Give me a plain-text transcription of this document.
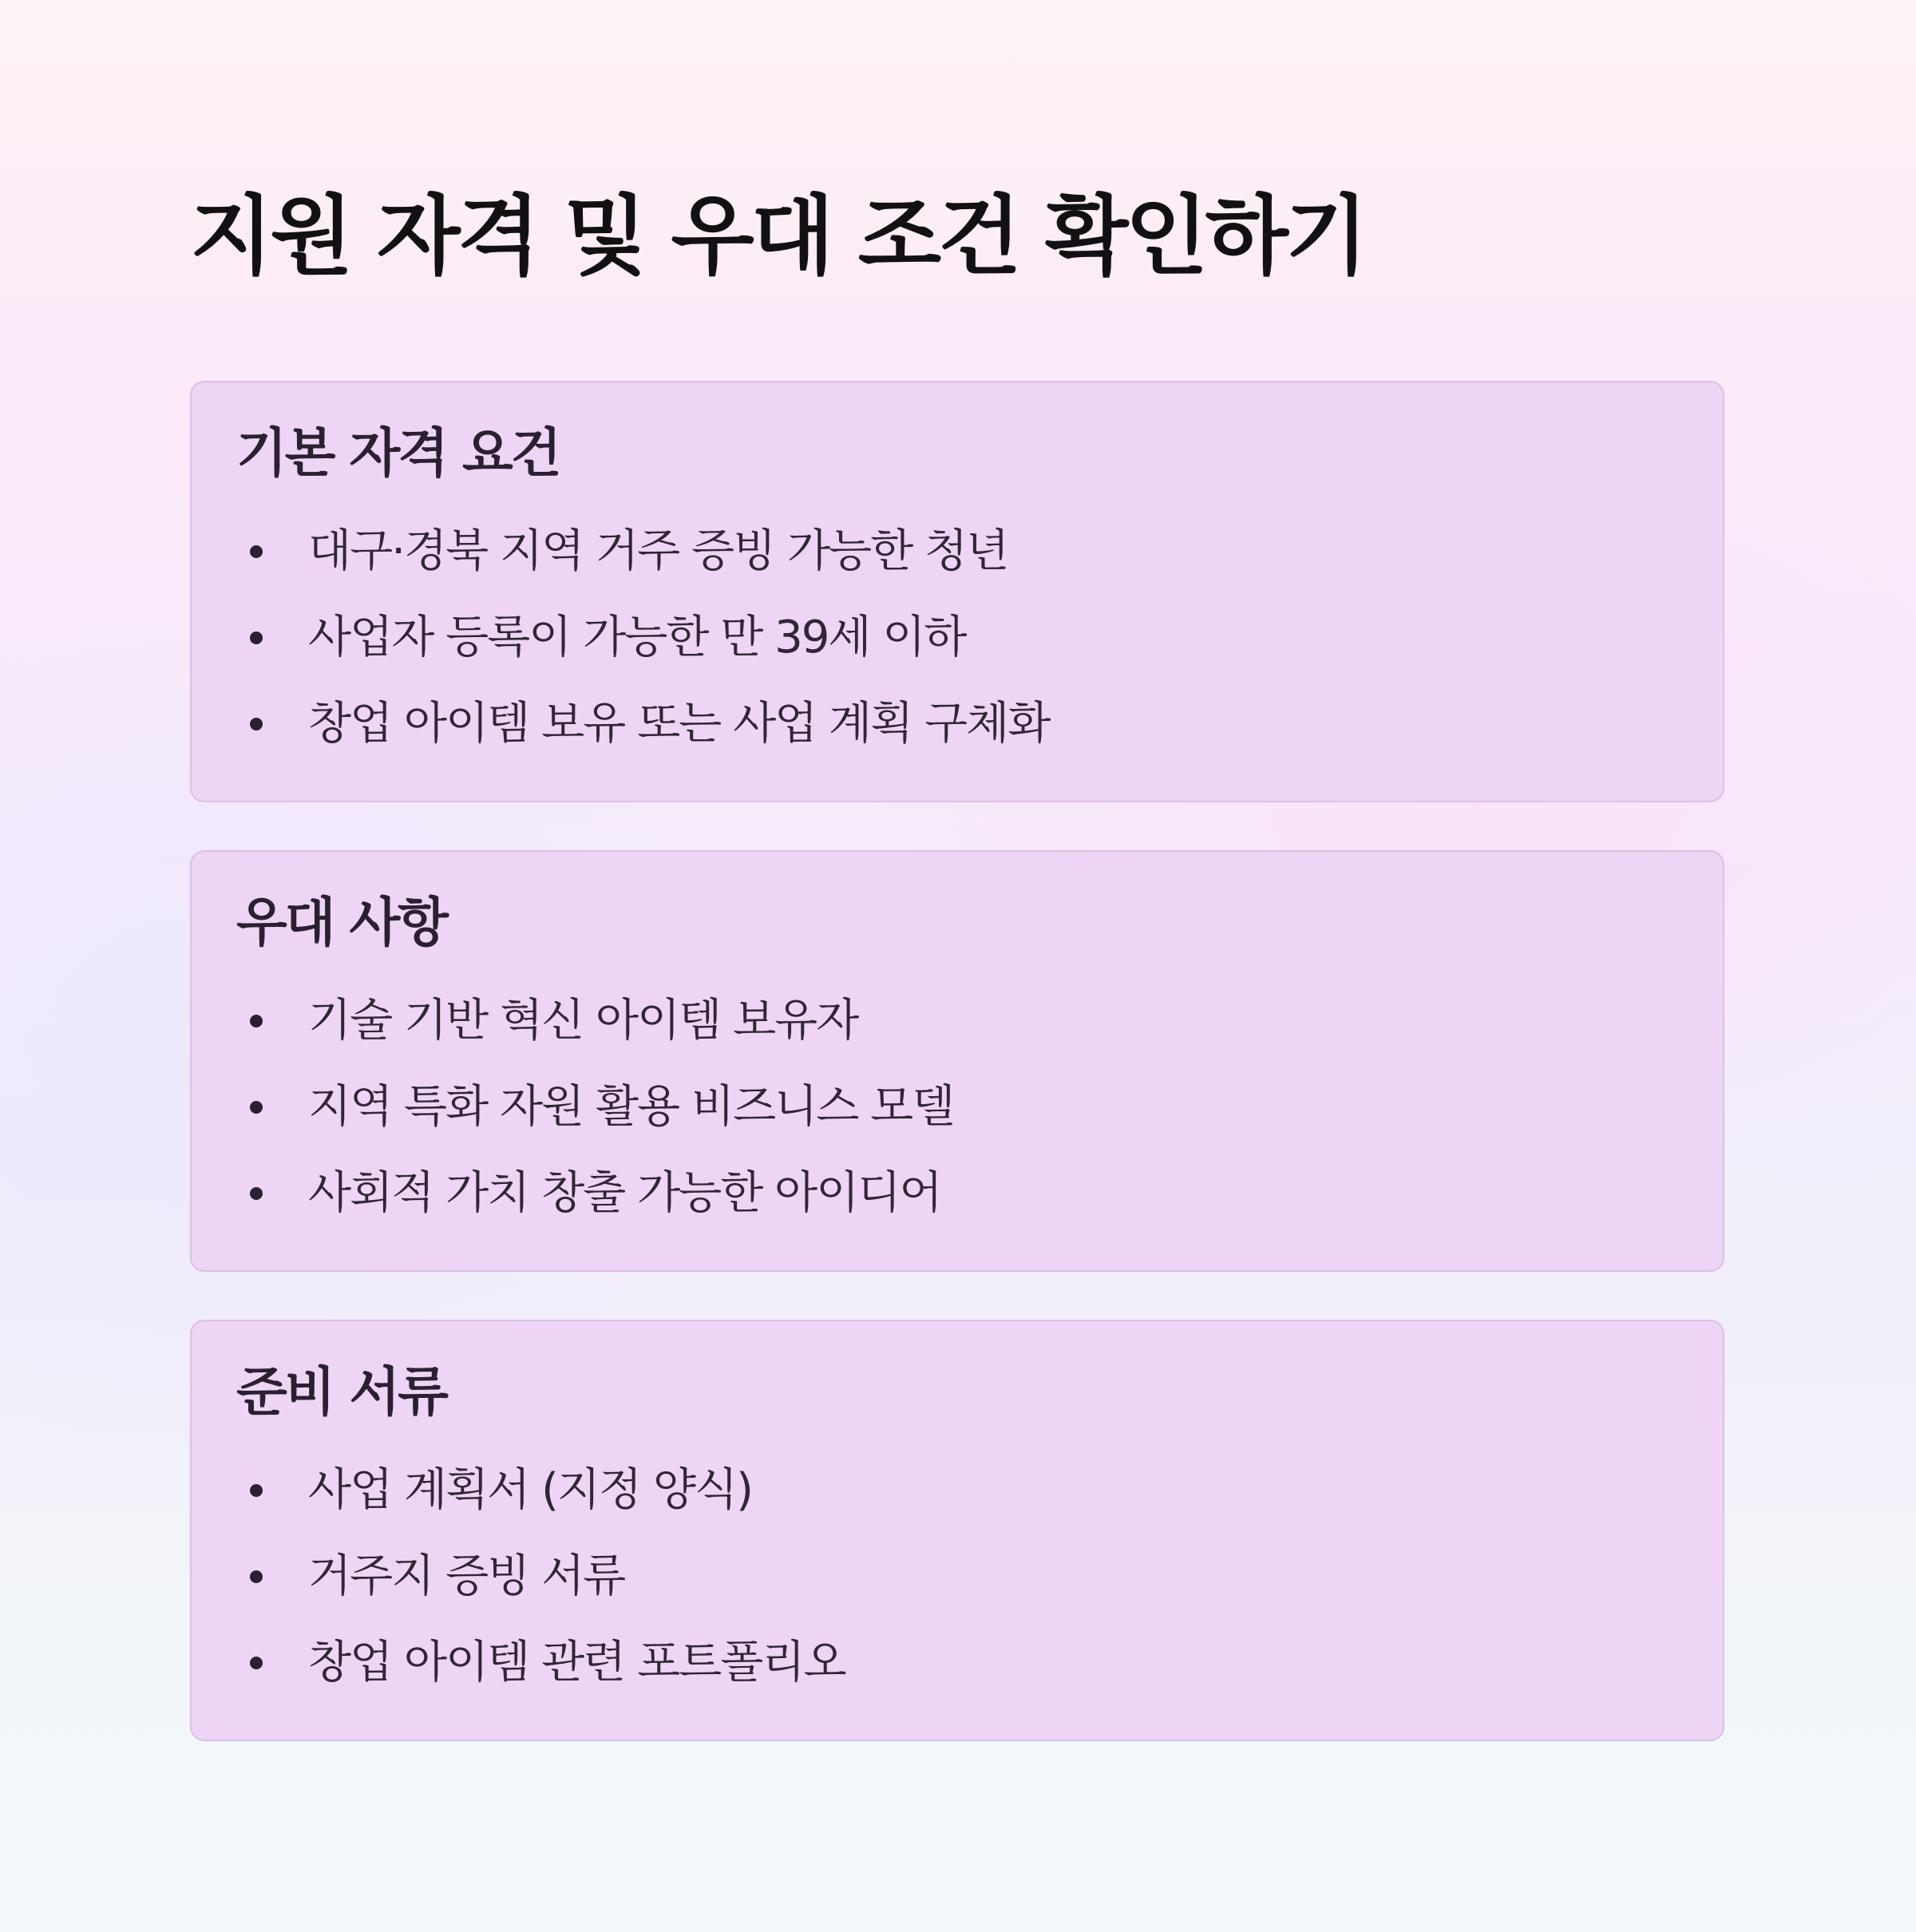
지원 자격 및 우대 조건 확인하기
기본 자격 요건
대구·경북 지역 거주 증빙 가능한 청년
사업자 등록이 가능한 만 39세 이하
창업 아이템 보유 또는 사업 계획 구체화
우대 사항
기술 기반 혁신 아이템 보유자
지역 특화 자원 활용 비즈니스 모델
사회적 가치 창출 가능한 아이디어
준비 서류
사업 계획서 (지정 양식)
거주지 증빙 서류
창업 아이템 관련 포트폴리오
